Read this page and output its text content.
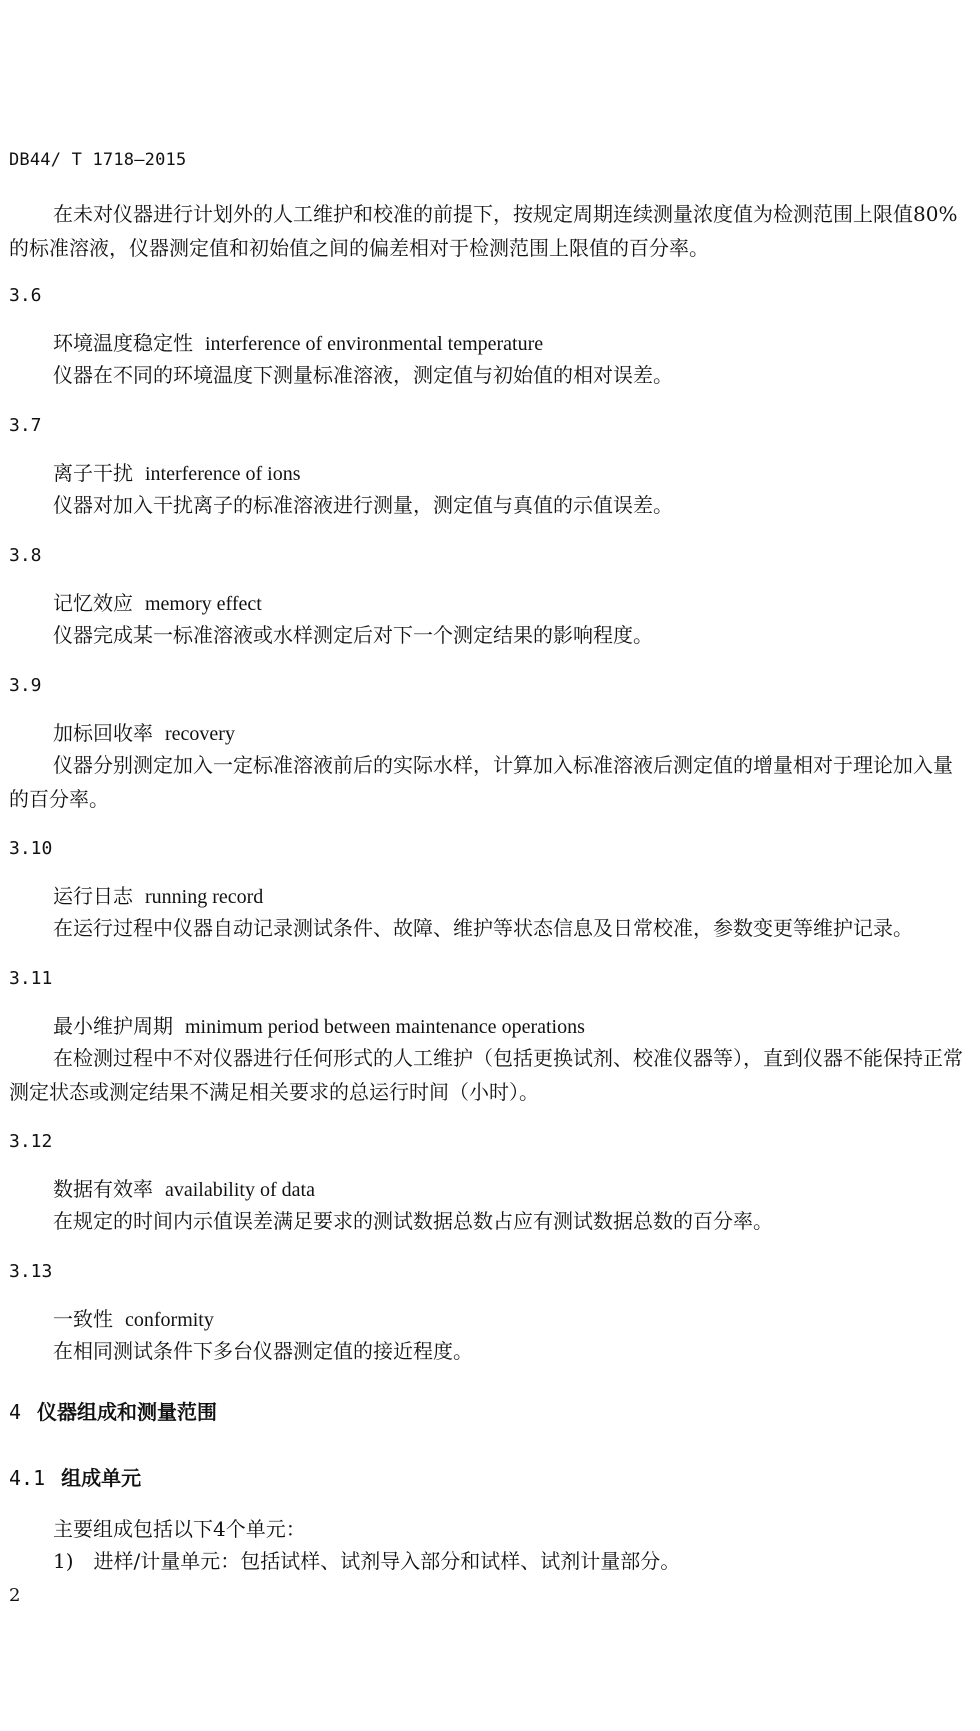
DB44/ T 1718—2015

在未对仪器进行计划外的人工维护和校准的前提下，按规定周期连续测量浓度值为检测范围上限值80%的标准溶液，仪器测定值和初始值之间的偏差相对于检测范围上限值的百分率。

3.6
环境温度稳定性 interference of environmental temperature
仪器在不同的环境温度下测量标准溶液，测定值与初始值的相对误差。
3.7
离子干扰 interference of ions
仪器对加入干扰离子的标准溶液进行测量，测定值与真值的示值误差。
3.8
记忆效应 memory effect
仪器完成某一标准溶液或水样测定后对下一个测定结果的影响程度。
3.9
加标回收率 recovery

仪器分别测定加入一定标准溶液前后的实际水样，计算加入标准溶液后测定值的增量相对于理论加入量的百分率。

3.10
运行日志 running record
在运行过程中仪器自动记录测试条件、故障、维护等状态信息及日常校准，参数变更等维护记录。
3.11
最小维护周期 minimum period between maintenance operations

在检测过程中不对仪器进行任何形式的人工维护（包括更换试剂、校准仪器等），直到仪器不能保持正常测定状态或测定结果不满足相关要求的总运行时间（小时）。

3.12
数据有效率 availability of data
在规定的时间内示值误差满足要求的测试数据总数占应有测试数据总数的百分率。
3.13
一致性 conformity
在相同测试条件下多台仪器测定值的接近程度。
4 仪器组成和测量范围
4.1 组成单元
主要组成包括以下4个单元：
1) 进样/计量单元：包括试样、试剂导入部分和试样、试剂计量部分。
2
